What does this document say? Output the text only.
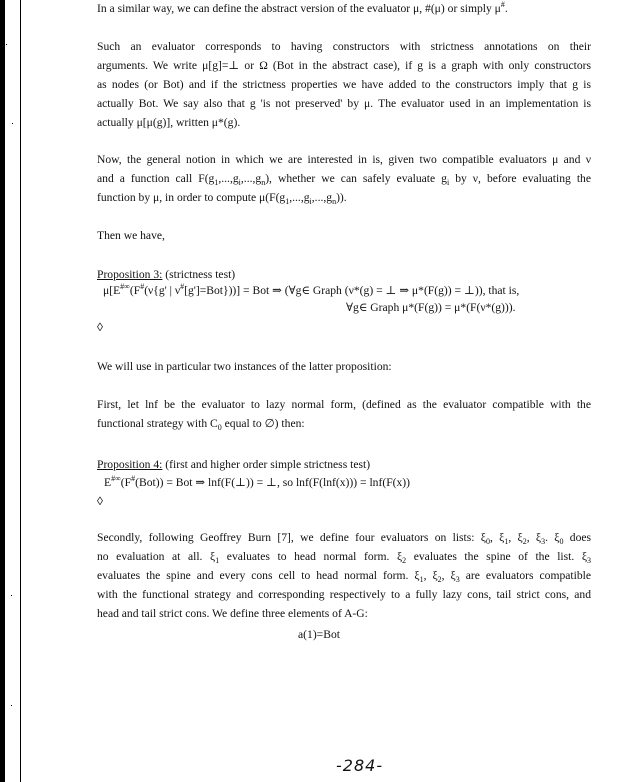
In a similar way, we can define the abstract version of the evaluator μ, #(μ) or simply μ#.
Such an evaluator corresponds to having constructors with strictness annotations on their
arguments. We write μ[g]=⊥ or Ω (Bot in the abstract case), if g is a graph with only constructors
as nodes (or Bot) and if the strictness properties we have added to the constructors imply that g is
actually Bot. We say also that g 'is not preserved' by μ. The evaluator used in an implementation is
actually μ[μ(g)], written μ*(g).
Now, the general notion in which we are interested in is, given two compatible evaluators μ and ν
and a function call $F(g_1,...,g_i,...,g_n)$, whether we can safely evaluate $g_i$ by ν, before evaluating the
function by μ, in order to compute $\mu(F(g_1,...,g_i,...,g_n))$.
Then we have,
Proposition 3: (strictness test)
μ[E#∞(F#(ν{g' | ν#[g']=Bot}))] = Bot ⇒ (∀g∈ Graph (ν*(g) = ⊥ ⇒ μ*(F(g)) = ⊥)), that is,
∀g∈ Graph μ*(F(g)) = μ*(F(ν*(g))).
◊
We will use in particular two instances of the latter proposition:
First, let lnf be the evaluator to lazy normal form, (defined as the evaluator compatible with the
functional strategy with $C_0$ equal to ∅) then:
Proposition 4: (first and higher order simple strictness test)
E#∞(F#(Bot)) = Bot ⇒ lnf(F(⊥)) = ⊥, so lnf(F(lnf(x))) = lnf(F(x))
◊
Secondly, following Geoffrey Burn [7], we define four evaluators on lists: $\xi_0$, $\xi_1$, $\xi_2$, $\xi_3$. $\xi_0$ does
no evaluation at all. $\xi_1$ evaluates to head normal form. $\xi_2$ evaluates the spine of the list. $\xi_3$
evaluates the spine and every cons cell to head normal form. $\xi_1$, $\xi_2$, $\xi_3$ are evaluators compatible
with the functional strategy and corresponding respectively to a fully lazy cons, tail strict cons, and
head and tail strict cons. We define three elements of A-G:
a(1)=Bot
-284-
